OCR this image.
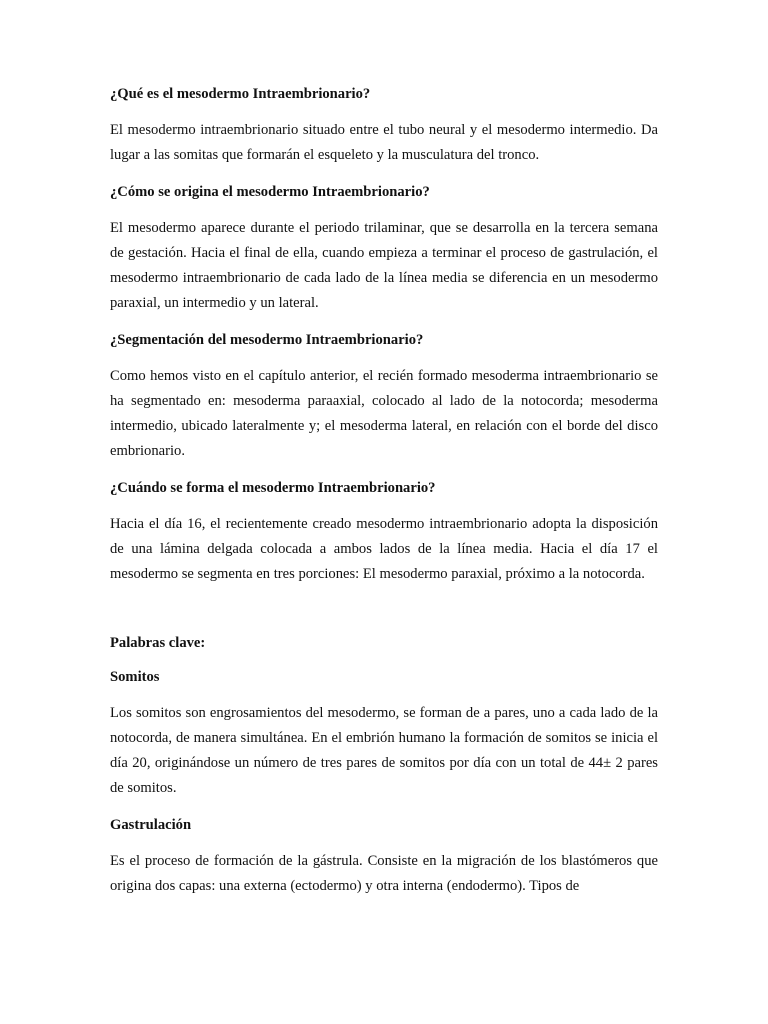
¿Qué es el mesodermo Intraembrionario?

El mesodermo intraembrionario situado entre el tubo neural y el mesodermo intermedio. Da lugar a las somitas que formarán el esqueleto y la musculatura del tronco.

¿Cómo se origina el mesodermo Intraembrionario?

El mesodermo aparece durante el periodo trilaminar, que se desarrolla en la tercera semana de gestación. Hacia el final de ella, cuando empieza a terminar el proceso de gastrulación, el mesodermo intraembrionario de cada lado de la línea media se diferencia en un mesodermo paraxial, un intermedio y un lateral.

¿Segmentación del mesodermo Intraembrionario?

Como hemos visto en el capítulo anterior, el recién formado mesoderma intraembrionario se ha segmentado en: mesoderma paraaxial, colocado al lado de la notocorda; mesoderma intermedio, ubicado lateralmente y; el mesoderma lateral, en relación con el borde del disco embrionario.

¿Cuándo se forma el mesodermo Intraembrionario?

Hacia el día 16, el recientemente creado mesodermo intraembrionario adopta la disposición de una lámina delgada colocada a ambos lados de la línea media. Hacia el día 17 el mesodermo se segmenta en tres porciones: El mesodermo paraxial, próximo a la notocorda.

Palabras clave:
Somitos

Los somitos son engrosamientos del mesodermo, se forman de a pares, uno a cada lado de la notocorda, de manera simultánea. En el embrión humano la formación de somitos se inicia el día 20, originándose un número de tres pares de somitos por día con un total de 44± 2 pares de somitos.

Gastrulación

Es el proceso de formación de la gástrula. Consiste en la migración de los blastómeros que origina dos capas: una externa (ectodermo) y otra interna (endodermo). Tipos de
